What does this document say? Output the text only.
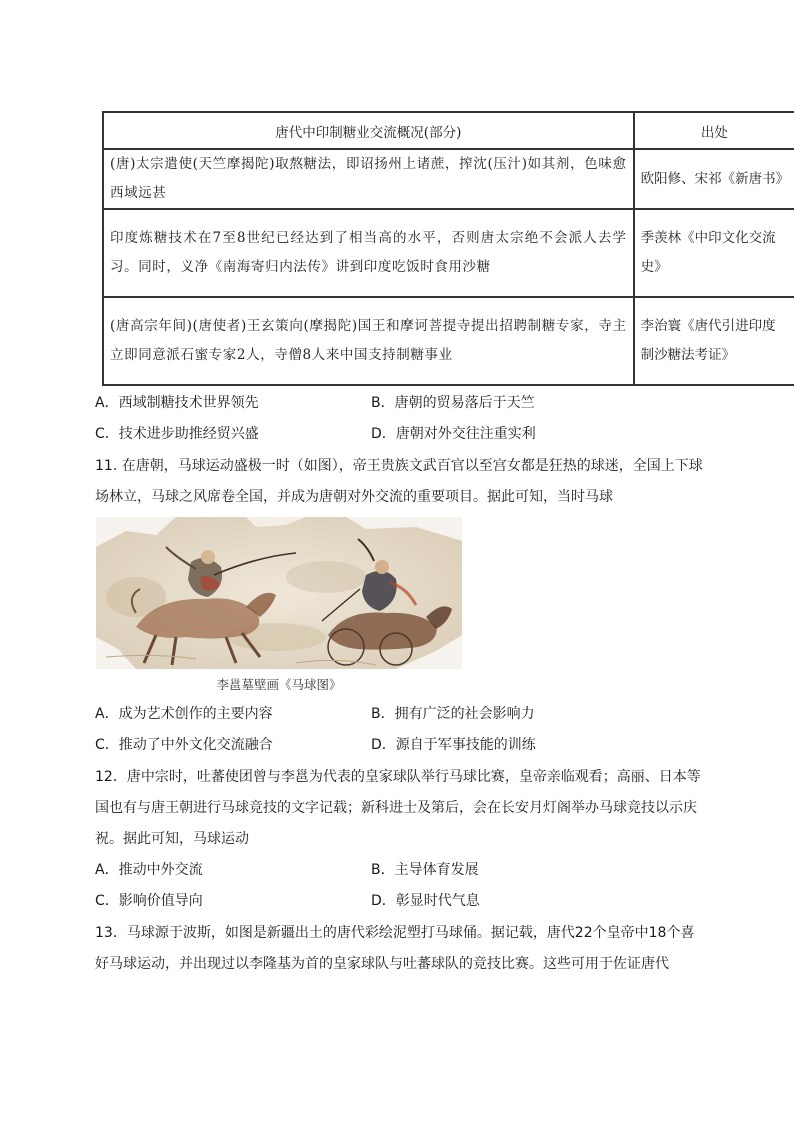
唐代中印制糖业交流概况(部分)	出处
(唐)太宗遣使(天竺摩揭陀)取熬糖法，即诏扬州上诸蔗，搾沈(压汁)如其剂，色味愈西域远甚	欧阳修、宋祁《新唐书》
印度炼糖技术在7至8世纪已经达到了相当高的水平，否则唐太宗绝不会派人去学习。同时，义净《南海寄归内法传》讲到印度吃饭时食用沙糖	季羡林《中印文化交流史》
(唐高宗年间)(唐使者)王玄策向(摩揭陀)国王和摩诃菩提寺提出招聘制糖专家，寺主立即同意派石蜜专家2人，寺僧8人来中国支持制糖事业	李治寰《唐代引进印度制沙糖法考证》
A．西域制糖技术世界领先	B．唐朝的贸易落后于天竺
C．技术进步助推经贸兴盛	D．唐朝对外交往注重实利
11. 在唐朝，马球运动盛极一时（如图），帝王贵族文武百官以至宫女都是狂热的球迷，全国上下球
场林立，马球之风席卷全国，并成为唐朝对外交流的重要项目。据此可知，当时马球
李邕墓壁画《马球图》
A．成为艺术创作的主要内容	B．拥有广泛的社会影响力
C．推动了中外文化交流融合	D．源自于军事技能的训练
12．唐中宗时，吐蕃使团曾与李邕为代表的皇家球队举行马球比赛，皇帝亲临观看；高丽、日本等
国也有与唐王朝进行马球竞技的文字记载；新科进士及第后，会在长安月灯阁举办马球竞技以示庆
祝。据此可知，马球运动
A．推动中外交流	B．主导体育发展
C．影响价值导向	D．彰显时代气息
13．马球源于波斯，如图是新疆出土的唐代彩绘泥塑打马球俑。据记载，唐代22个皇帝中18个喜
好马球运动，并出现过以李隆基为首的皇家球队与吐蕃球队的竞技比赛。这些可用于佐证唐代
